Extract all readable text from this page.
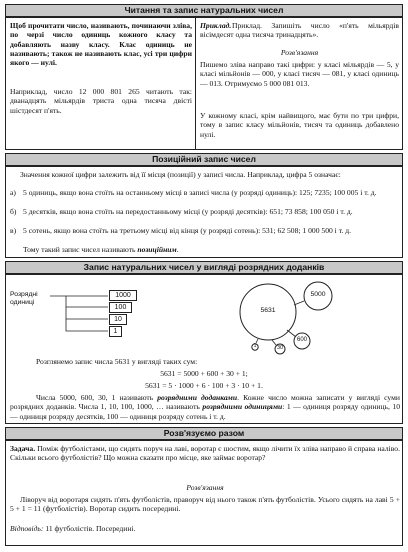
Читання та запис натуральних чисел
Щоб прочитати число, називають, починаючи зліва, по черзі число одиниць кожного класу та добавляють назву класу. Клас одиниць не називають; також не називають клас, усі три цифри якого — нулі.
Наприклад, число 12 000 801 265 читають так: дванадцять мільярдів триста одна тисяча двісті шістдесят п'ять.
Приклад. Приклад. Запишіть число «п'ять мільярдів вісімдесят одна тисяча тринадцять».
Розв'язання
Пишемо зліва направо такі цифри: у класі мільярдів — 5, у класі мільйонів — 000, у класі тисяч — 081, у класі одиниць — 013. Отримуємо 5 000 081 013.
У кожному класі, крім найвищого, має бути по три цифри, тому в запис класу мільйонів, тисяч та одиниць добавлено нулі.
Позиційний запис чисел
Значення кожної цифри залежить від її місця (позиції) у записі числа. Наприклад, цифра 5 означає:
а) 5 одиниць, якщо вона стоїть на останньому місці в записі числа (у розряді одиниць): 125; 7235; 100 005 і т. д.
б) 5 десятків, якщо вона стоїть на передостанньому місці (у розряді десятків): 651; 73 858; 100 050 і т. д.
в) 5 сотень, якщо вона стоїть на третьому місці від кінця (у розряді сотень): 531; 62 508; 1 000 500 і т. д.
Тому такий запис чисел називають позиційним.
Запис натуральних чисел у вигляді розрядних доданків
Розрядні одиниці
1000
100
10
1
5631
5000
600
30
1
Розглянемо запис числа 5631 у вигляді таких сум:
5631 = 5000 + 600 + 30 + 1;
5631 = 5 · 1000 + 6 · 100 + 3 · 10 + 1.
Числа 5000, 600, 30, 1 називають розрядними доданками. Кожне число можна записати у вигляді суми розрядних доданків. Числа 1, 10, 100, 1000, … називають розрядними одиницями: 1 — одиниця розряду одиниць, 10 — одиниця розряду десятків, 100 — одиниця розряду сотень і т. д.
Розв'язуємо разом
Задача. Поміж футболістами, що сидять поруч на лаві, воротар є шостим, якщо лічити їх зліва направо й справа наліво. Скільки всього футболістів? Що можна сказати про місце, яке займає воротар?
Розв'язання
Ліворуч від воротаря сидять п'ять футболістів, праворуч від нього також п'ять футболістів. Усього сидять на лаві 5 + 5 + 1 = 11 (футболістів). Воротар сидить посередині.
Відповідь: 11 футболістів. Посередині.
